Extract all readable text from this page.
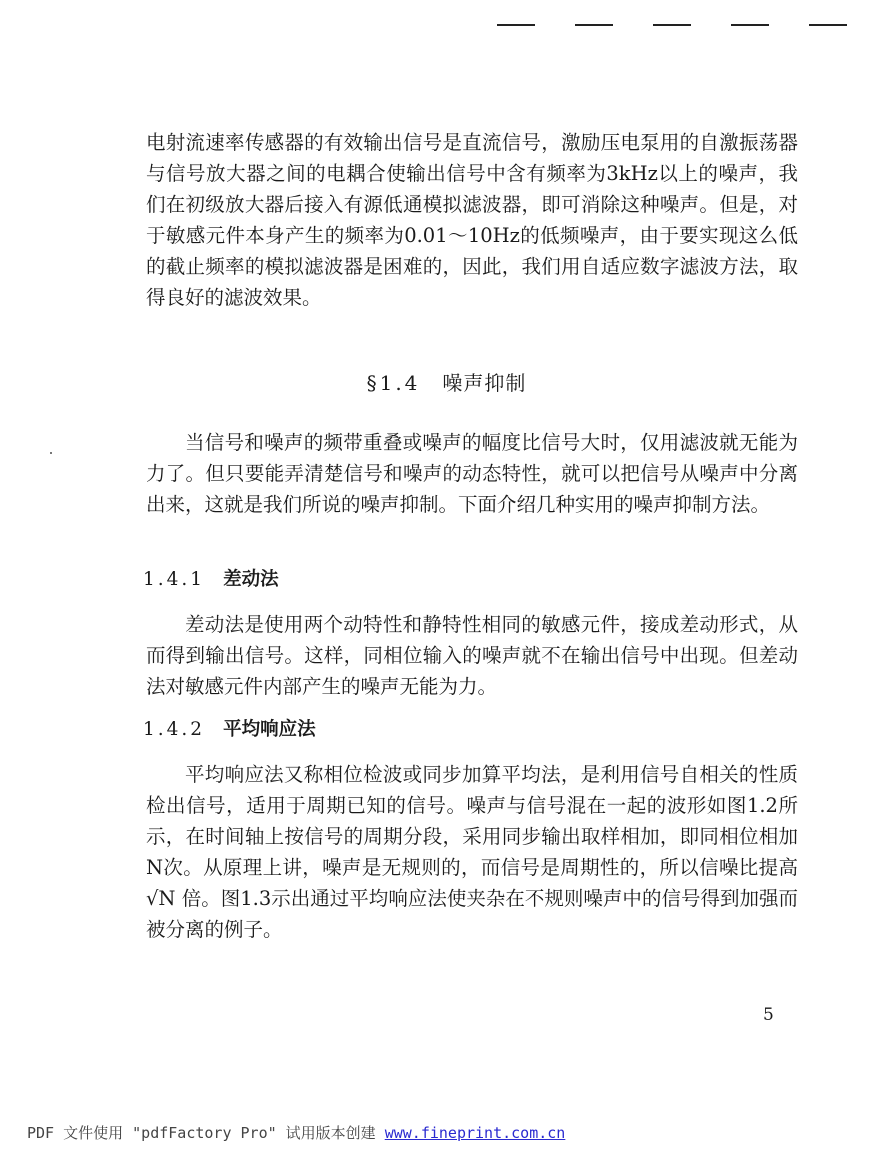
电射流速率传感器的有效输出信号是直流信号，激励压电泵用的自激振荡器与信号放大器之间的电耦合使输出信号中含有频率为3kHz以上的噪声，我们在初级放大器后接入有源低通模拟滤波器，即可消除这种噪声。但是，对于敏感元件本身产生的频率为0.01～10Hz的低频噪声，由于要实现这么低的截止频率的模拟滤波器是困难的，因此，我们用自适应数字滤波方法，取得良好的滤波效果。

§1.4 噪声抑制

当信号和噪声的频带重叠或噪声的幅度比信号大时，仅用滤波就无能为力了。但只要能弄清楚信号和噪声的动态特性，就可以把信号从噪声中分离出来，这就是我们所说的噪声抑制。下面介绍几种实用的噪声抑制方法。

1.4.1 差动法

差动法是使用两个动特性和静特性相同的敏感元件，接成差动形式，从而得到输出信号。这样，同相位输入的噪声就不在输出信号中出现。但差动法对敏感元件内部产生的噪声无能为力。

1.4.2 平均响应法

平均响应法又称相位检波或同步加算平均法，是利用信号自相关的性质检出信号，适用于周期已知的信号。噪声与信号混在一起的波形如图1.2所示，在时间轴上按信号的周期分段，采用同步输出取样相加，即同相位相加N次。从原理上讲，噪声是无规则的，而信号是周期性的，所以信噪比提高 √N 倍。图1.3示出通过平均响应法使夹杂在不规则噪声中的信号得到加强而被分离的例子。

5
PDF 文件使用 "pdfFactory Pro" 试用版本创建 www.fineprint.com.cn
